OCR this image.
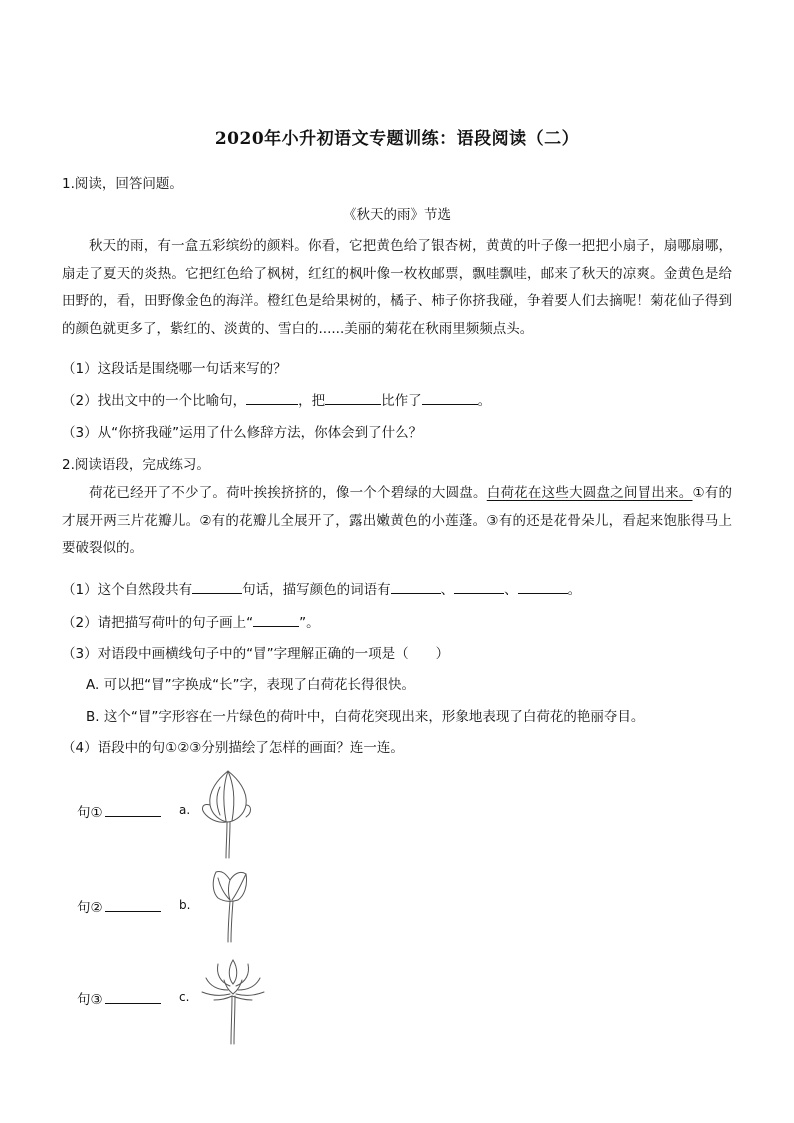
2020年小升初语文专题训练：语段阅读（二）
1.阅读，回答问题。
《秋天的雨》节选
秋天的雨，有一盒五彩缤纷的颜料。你看，它把黄色给了银杏树，黄黄的叶子像一把把小扇子，扇哪扇哪，扇走了夏天的炎热。它把红色给了枫树，红红的枫叶像一枚枚邮票，飘哇飘哇，邮来了秋天的凉爽。金黄色是给田野的，看，田野像金色的海洋。橙红色是给果树的，橘子、柿子你挤我碰，争着要人们去摘呢！菊花仙子得到的颜色就更多了，紫红的、淡黄的、雪白的......美丽的菊花在秋雨里频频点头。
（1）这段话是围绕哪一句话来写的？
（2）找出文中的一个比喻句，	，把	比作了	。
（3）从“你挤我碰”运用了什么修辞方法，你体会到了什么？
2.阅读语段，完成练习。
荷花已经开了不少了。荷叶挨挨挤挤的，像一个个碧绿的大圆盘。白荷花在这些大圆盘之间冒出来。①有的才展开两三片花瓣儿。②有的花瓣儿全展开了，露出嫩黄色的小莲蓬。③有的还是花骨朵儿，看起来饱胀得马上要破裂似的。
（1）这个自然段共有	句话，描写颜色的词语有	、	、	。
（2）请把描写荷叶的句子画上“	”。
（3）对语段中画横线句子中的“冒”字理解正确的一项是（　　）
A. 可以把“冒”字换成“长”字，表现了白荷花长得很快。
B. 这个“冒”字形容在一片绿色的荷叶中，白荷花突现出来，形象地表现了白荷花的艳丽夺目。
（4）语段中的句①②③分别描绘了怎样的画面？连一连。
句①	a.
句②	b.
句③	c.
